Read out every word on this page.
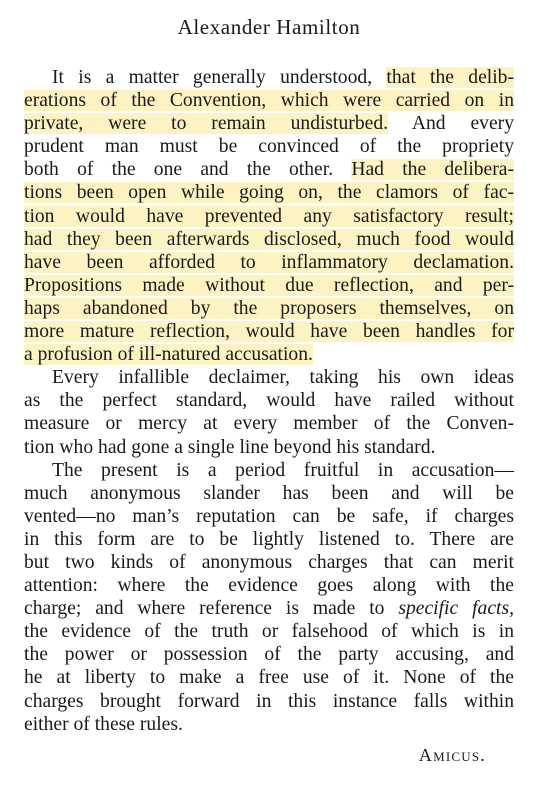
Alexander Hamilton
It is a matter generally understood, that the delib-
erations of the Convention, which were carried on in
private, were to remain undisturbed. And every
prudent man must be convinced of the propriety
both of the one and the other. Had the delibera-
tions been open while going on, the clamors of fac-
tion would have prevented any satisfactory result;
had they been afterwards disclosed, much food would
have been afforded to inflammatory declamation.
Propositions made without due reflection, and per-
haps abandoned by the proposers themselves, on
more mature reflection, would have been handles for
a profusion of ill-natured accusation.
Every infallible declaimer, taking his own ideas
as the perfect standard, would have railed without
measure or mercy at every member of the Conven-
tion who had gone a single line beyond his standard.
The present is a period fruitful in accusation—
much anonymous slander has been and will be
vented—no man’s reputation can be safe, if charges
in this form are to be lightly listened to. There are
but two kinds of anonymous charges that can merit
attention: where the evidence goes along with the
charge; and where reference is made to specific facts,
the evidence of the truth or falsehood of which is in
the power or possession of the party accusing, and
he at liberty to make a free use of it. None of the
charges brought forward in this instance falls within
either of these rules.
Amicus.
